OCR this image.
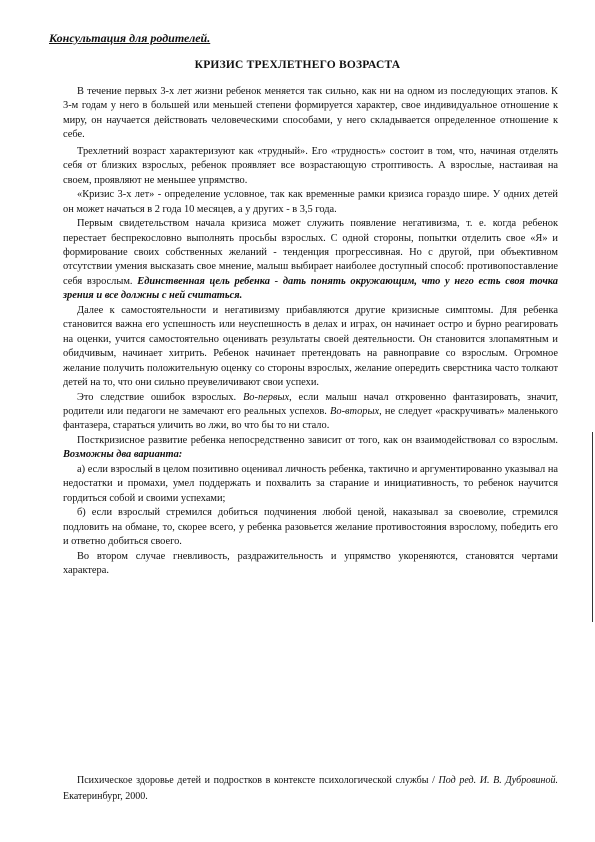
Консультация для родителей.
КРИЗИС ТРЕХЛЕТНЕГО ВОЗРАСТА

В течение первых 3-х лет жизни ребенок меняется так сильно, как ни на одном из последующих этапов. К 3-м годам у него в большей или меньшей степени формируется характер, свое индивидуальное отношение к миру, он научается действовать человеческими способами, у него складывается определенное отношение к себе.

Трехлетний возраст характеризуют как «трудный». Его «трудность» состоит в том, что, начиная отделять себя от близких взрослых, ребенок проявляет все возрастающую строптивость. А взрослые, настаивая на своем, проявляют не меньшее упрямство.

«Кризис 3-х лет» - определение условное, так как временные рамки кризиса гораздо шире. У одних детей он может начаться в 2 года 10 месяцев, а у других - в 3,5 года.

Первым свидетельством начала кризиса может служить появление негативизма, т. е. когда ребенок перестает беспрекословно выполнять просьбы взрослых. С одной стороны, попытки отделить свое «Я» и формирование своих собственных желаний - тенденция прогрессивная. Но с другой, при объективном отсутствии умения высказать свое мнение, малыш выбирает наиболее доступный способ: противопоставление себя взрослым. Единственная цель ребенка - дать понять окружающим, что у него есть своя точка зрения и все должны с ней считаться.

Далее к самостоятельности и негативизму прибавляются другие кризисные симптомы. Для ребенка становится важна его успешность или неуспешность в делах и играх, он начинает остро и бурно реагировать на оценки, учится самостоятельно оценивать результаты своей деятельности. Он становится злопамятным и обидчивым, начинает хитрить. Ребенок начинает претендовать на равноправие со взрослым. Огромное желание получить положительную оценку со стороны взрослых, желание опередить сверстника часто толкают детей на то, что они сильно преувеличивают свои успехи.

Это следствие ошибок взрослых. Во-первых, если малыш начал откровенно фантазировать, значит, родители или педагоги не замечают его реальных успехов. Во-вторых, не следует «раскручивать» маленького фантазера, стараться уличить во лжи, во что бы то ни стало.

Посткризисное развитие ребенка непосредственно зависит от того, как он взаимодействовал со взрослым. Возможны два варианта:

а) если взрослый в целом позитивно оценивал личность ребенка, тактично и аргументированно указывал на недостатки и промахи, умел поддержать и похвалить за старание и инициативность, то ребенок научится гордиться собой и своими успехами;

б) если взрослый стремился добиться подчинения любой ценой, наказывал за своеволие, стремился подловить на обмане, то, скорее всего, у ребенка разовьется желание противостояния взрослому, победить его и ответно добиться своего.

Во втором случае гневливость, раздражительность и упрямство укореняются, становятся чертами характера.

Психическое здоровье детей и подростков в контексте психологической службы / Под ред. И. В. Дубровиной. Екатеринбург, 2000.
